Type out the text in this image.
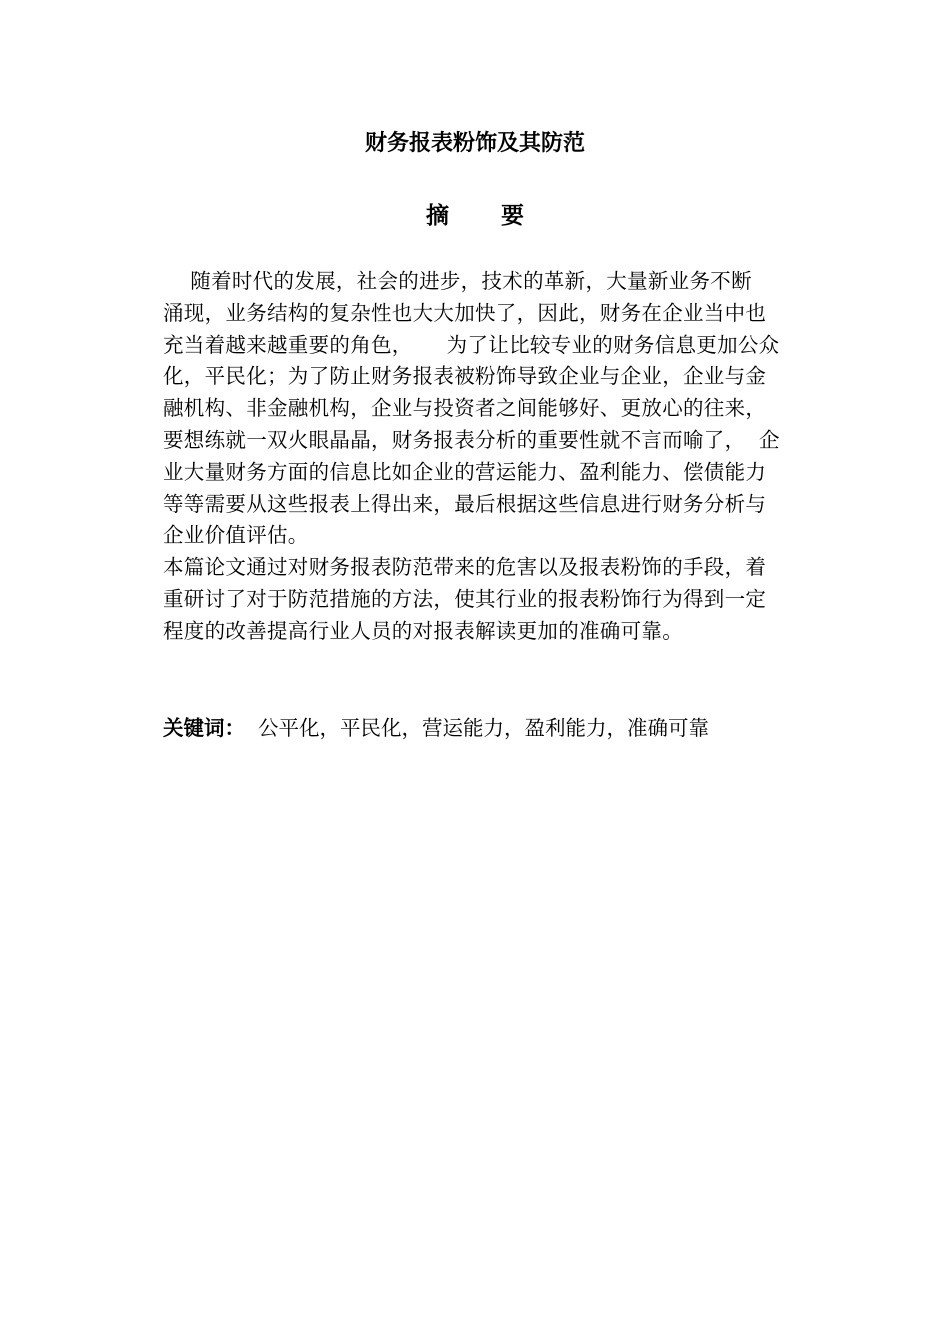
财务报表粉饰及其防范
摘 要
随着时代的发展，社会的进步，技术的革新，大量新业务不断
涌现，业务结构的复杂性也大大加快了，因此，财务在企业当中也
充当着越来越重要的角色，     为了让比较专业的财务信息更加公众
化，平民化；为了防止财务报表被粉饰导致企业与企业，企业与金
融机构、非金融机构，企业与投资者之间能够好、更放心的往来，
要想练就一双火眼晶晶，财务报表分析的重要性就不言而喻了，  企
业大量财务方面的信息比如企业的营运能力、盈利能力、偿债能力
等等需要从这些报表上得出来，最后根据这些信息进行财务分析与
企业价值评估。
本篇论文通过对财务报表防范带来的危害以及报表粉饰的手段，着
重研讨了对于防范措施的方法，使其行业的报表粉饰行为得到一定
程度的改善提高行业人员的对报表解读更加的准确可靠。
关键词：  公平化，平民化，营运能力，盈利能力，准确可靠
